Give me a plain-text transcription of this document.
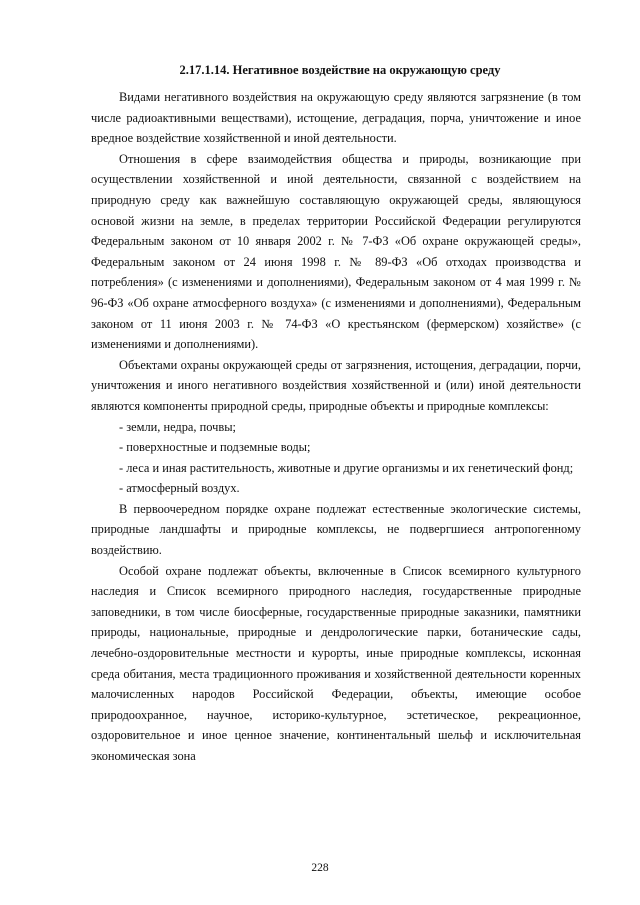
2.17.1.14. Негативное воздействие на окружающую среду

Видами негативного воздействия на окружающую среду являются загрязнение (в том числе радиоактивными веществами), истощение, деградация, порча, уничтожение и иное вредное воздействие хозяйственной и иной деятельности.

Отношения в сфере взаимодействия общества и природы, возникающие при осуществлении хозяйственной и иной деятельности, связанной с воздействием на природную среду как важнейшую составляющую окружающей среды, являющуюся основой жизни на земле, в пределах территории Российской Федерации регулируются Федеральным законом от 10 января 2002 г. № 7-ФЗ «Об охране окружающей среды», Федеральным законом от 24 июня 1998 г. № 89-ФЗ «Об отходах производства и потребления» (с изменениями и дополнениями), Федеральным законом от 4 мая 1999 г. № 96-ФЗ «Об охране атмосферного воздуха» (с изменениями и дополнениями), Федеральным законом от 11 июня 2003 г. № 74-ФЗ «О крестьянском (фермерском) хозяйстве» (с изменениями и дополнениями).

Объектами охраны окружающей среды от загрязнения, истощения, деградации, порчи, уничтожения и иного негативного воздействия хозяйственной и (или) иной деятельности являются компоненты природной среды, природные объекты и природные комплексы:

- земли, недра, почвы;

- поверхностные и подземные воды;

- леса и иная растительность, животные и другие организмы и их генетический фонд;

- атмосферный воздух.

В первоочередном порядке охране подлежат естественные экологические системы, природные ландшафты и природные комплексы, не подвергшиеся антропогенному воздействию.

Особой охране подлежат объекты, включенные в Список всемирного культурного наследия и Список всемирного природного наследия, государственные природные заповедники, в том числе биосферные, государственные природные заказники, памятники природы, национальные, природные и дендрологические парки, ботанические сады, лечебно-оздоровительные местности и курорты, иные природные комплексы, исконная среда обитания, места традиционного проживания и хозяйственной деятельности коренных малочисленных народов Российской Федерации, объекты, имеющие особое природоохранное, научное, историко-культурное, эстетическое, рекреационное, оздоровительное и иное ценное значение, континентальный шельф и исключительная экономическая зона

228
